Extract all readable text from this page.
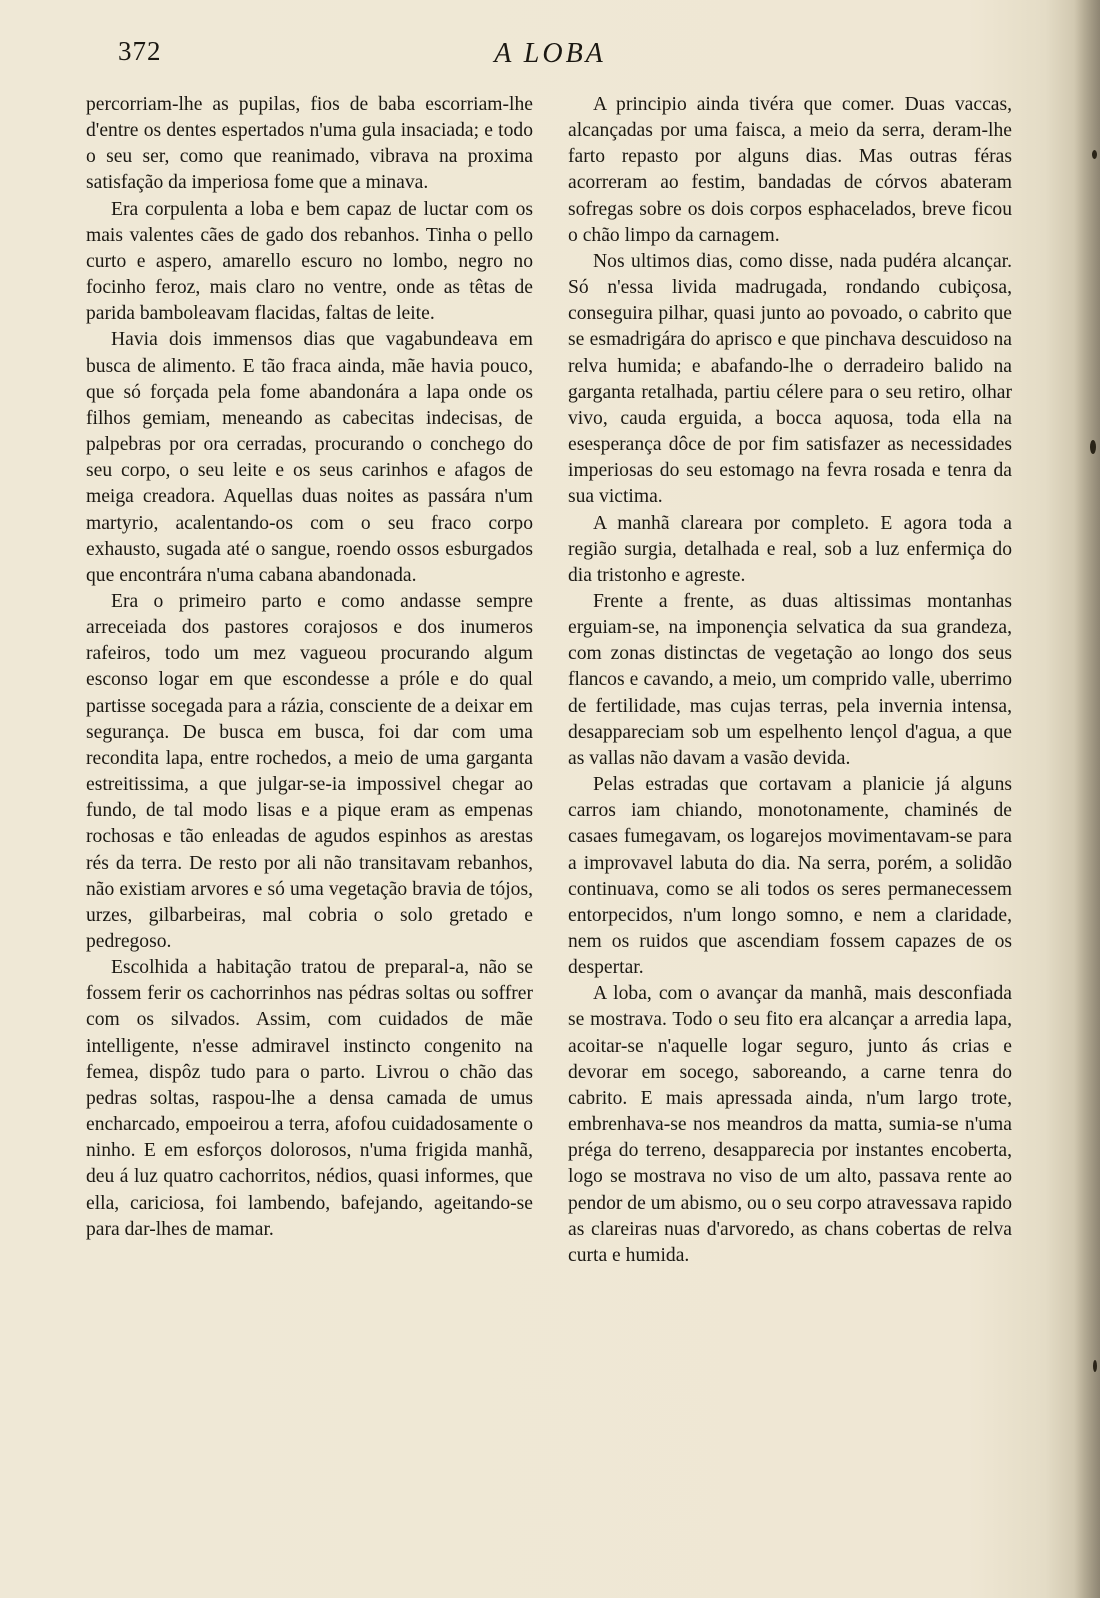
372	A LOBA

percorriam-lhe as pupilas, fios de baba escorriam-lhe d'entre os dentes espertados n'uma gula insaciada; e todo o seu ser, como que reanimado, vibrava na proxima satisfação da imperiosa fome que a minava.

Era corpulenta a loba e bem capaz de luctar com os mais valentes cães de gado dos rebanhos. Tinha o pello curto e aspero, amarello escuro no lombo, negro no focinho feroz, mais claro no ventre, onde as têtas de parida bamboleavam flacidas, faltas de leite.

Havia dois immensos dias que vagabundeava em busca de alimento. E tão fraca ainda, mãe havia pouco, que só forçada pela fome abandonára a lapa onde os filhos gemiam, meneando as cabecitas indecisas, de palpebras por ora cerradas, procurando o conchego do seu corpo, o seu leite e os seus carinhos e afagos de meiga creadora. Aquellas duas noites as passára n'um martyrio, acalentando-os com o seu fraco corpo exhausto, sugada até o sangue, roendo ossos esburgados que encontrára n'uma cabana abandonada.

Era o primeiro parto e como andasse sempre arreceiada dos pastores corajosos e dos inumeros rafeiros, todo um mez vagueou procurando algum esconso logar em que escondesse a próle e do qual partisse socegada para a rázia, consciente de a deixar em segurança. De busca em busca, foi dar com uma recondita lapa, entre rochedos, a meio de uma garganta estreitissima, a que julgar-se-ia impossivel chegar ao fundo, de tal modo lisas e a pique eram as empenas rochosas e tão enleadas de agudos espinhos as arestas rés da terra. De resto por ali não transitavam rebanhos, não existiam arvores e só uma vegetação bravia de tójos, urzes, gilbarbeiras, mal cobria o solo gretado e pedregoso.

Escolhida a habitação tratou de preparal-a, não se fossem ferir os cachorrinhos nas pédras soltas ou soffrer com os silvados. Assim, com cuidados de mãe intelligente, n'esse admiravel instincto congenito na femea, dispôz tudo para o parto. Livrou o chão das pedras soltas, raspou-lhe a densa camada de umus encharcado, empoeirou a terra, afofou cuidadosamente o ninho. E em esforços dolorosos, n'uma frigida manhã, deu á luz quatro cachorritos, nédios, quasi informes, que ella, cariciosa, foi lambendo, bafejando, ageitando-se para dar-lhes de mamar.

A principio ainda tivéra que comer. Duas vaccas, alcançadas por uma faisca, a meio da serra, deram-lhe farto repasto por alguns dias. Mas outras féras acorreram ao festim, bandadas de córvos abateram sofregas sobre os dois corpos esphacelados, breve ficou o chão limpo da carnagem.

Nos ultimos dias, como disse, nada pudéra alcançar. Só n'essa livida madrugada, rondando cubiçosa, conseguira pilhar, quasi junto ao povoado, o cabrito que se esmadrigára do aprisco e que pinchava descuidoso na relva humida; e abafando-lhe o derradeiro balido na garganta retalhada, partiu célere para o seu retiro, olhar vivo, cauda erguida, a bocca aquosa, toda ella na esesperança dôce de por fim satisfazer as necessidades imperiosas do seu estomago na fevra rosada e tenra da sua victima.

A manhã clareara por completo. E agora toda a região surgia, detalhada e real, sob a luz enfermiça do dia tristonho e agreste.

Frente a frente, as duas altissimas montanhas erguiam-se, na imponençia selvatica da sua grandeza, com zonas distinctas de vegetação ao longo dos seus flancos e cavando, a meio, um comprido valle, uberrimo de fertilidade, mas cujas terras, pela invernia intensa, desappareciam sob um espelhento lençol d'agua, a que as vallas não davam a vasão devida.

Pelas estradas que cortavam a planicie já alguns carros iam chiando, monotonamente, chaminés de casaes fumegavam, os logarejos movimentavam-se para a improvavel labuta do dia. Na serra, porém, a solidão continuava, como se ali todos os seres permanecessem entorpecidos, n'um longo somno, e nem a claridade, nem os ruidos que ascendiam fossem capazes de os despertar.

A loba, com o avançar da manhã, mais desconfiada se mostrava. Todo o seu fito era alcançar a arredia lapa, acoitar-se n'aquelle logar seguro, junto ás crias e devorar em socego, saboreando, a carne tenra do cabrito. E mais apressada ainda, n'um largo trote, embrenhava-se nos meandros da matta, sumia-se n'uma préga do terreno, desapparecia por instantes encoberta, logo se mostrava no viso de um alto, passava rente ao pendor de um abismo, ou o seu corpo atravessava rapido as clareiras nuas d'arvoredo, as chans cobertas de relva curta e humida.
